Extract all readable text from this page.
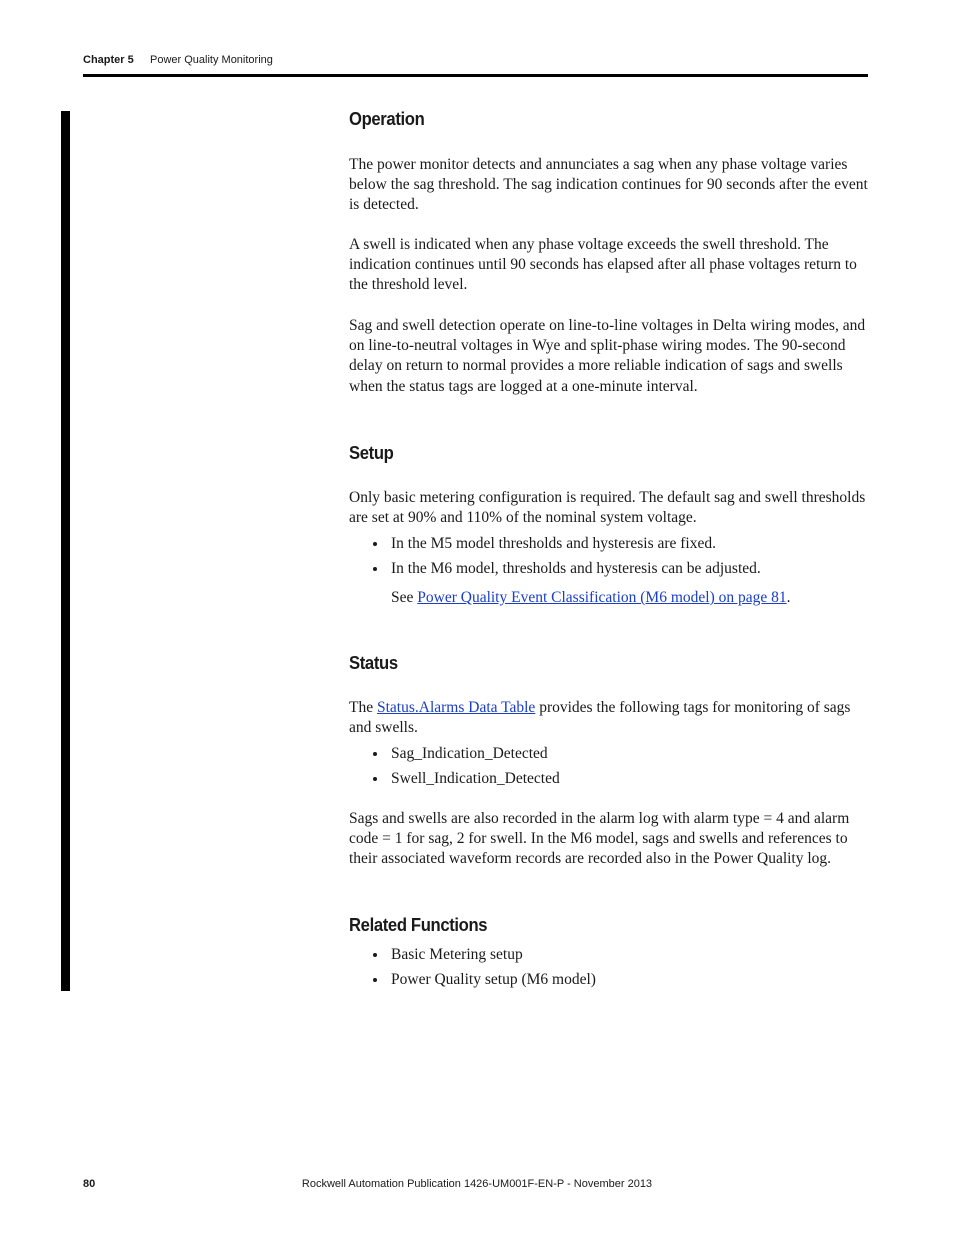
Chapter 5 Power Quality Monitoring
Operation

The power monitor detects and annunciates a sag when any phase voltage varies below the sag threshold. The sag indication continues for 90 seconds after the event is detected.

A swell is indicated when any phase voltage exceeds the swell threshold. The indication continues until 90 seconds has elapsed after all phase voltages return to the threshold level.

Sag and swell detection operate on line-to-line voltages in Delta wiring modes, and on line-to-neutral voltages in Wye and split-phase wiring modes. The 90-second delay on return to normal provides a more reliable indication of sags and swells when the status tags are logged at a one-minute interval.

Setup

Only basic metering configuration is required. The default sag and swell thresholds are set at 90% and 110% of the nominal system voltage.

In the M5 model thresholds and hysteresis are fixed.
In the M6 model, thresholds and hysteresis can be adjusted.
See Power Quality Event Classification (M6 model) on page 81.
Status

The Status.Alarms Data Table provides the following tags for monitoring of sags and swells.

Sag_Indication_Detected
Swell_Indication_Detected

Sags and swells are also recorded in the alarm log with alarm type = 4 and alarm code = 1 for sag, 2 for swell. In the M6 model, sags and swells and references to their associated waveform records are recorded also in the Power Quality log.

Related Functions
Basic Metering setup
Power Quality setup (M6 model)
Rockwell Automation Publication 1426-UM001F-EN-P - November 2013
80
